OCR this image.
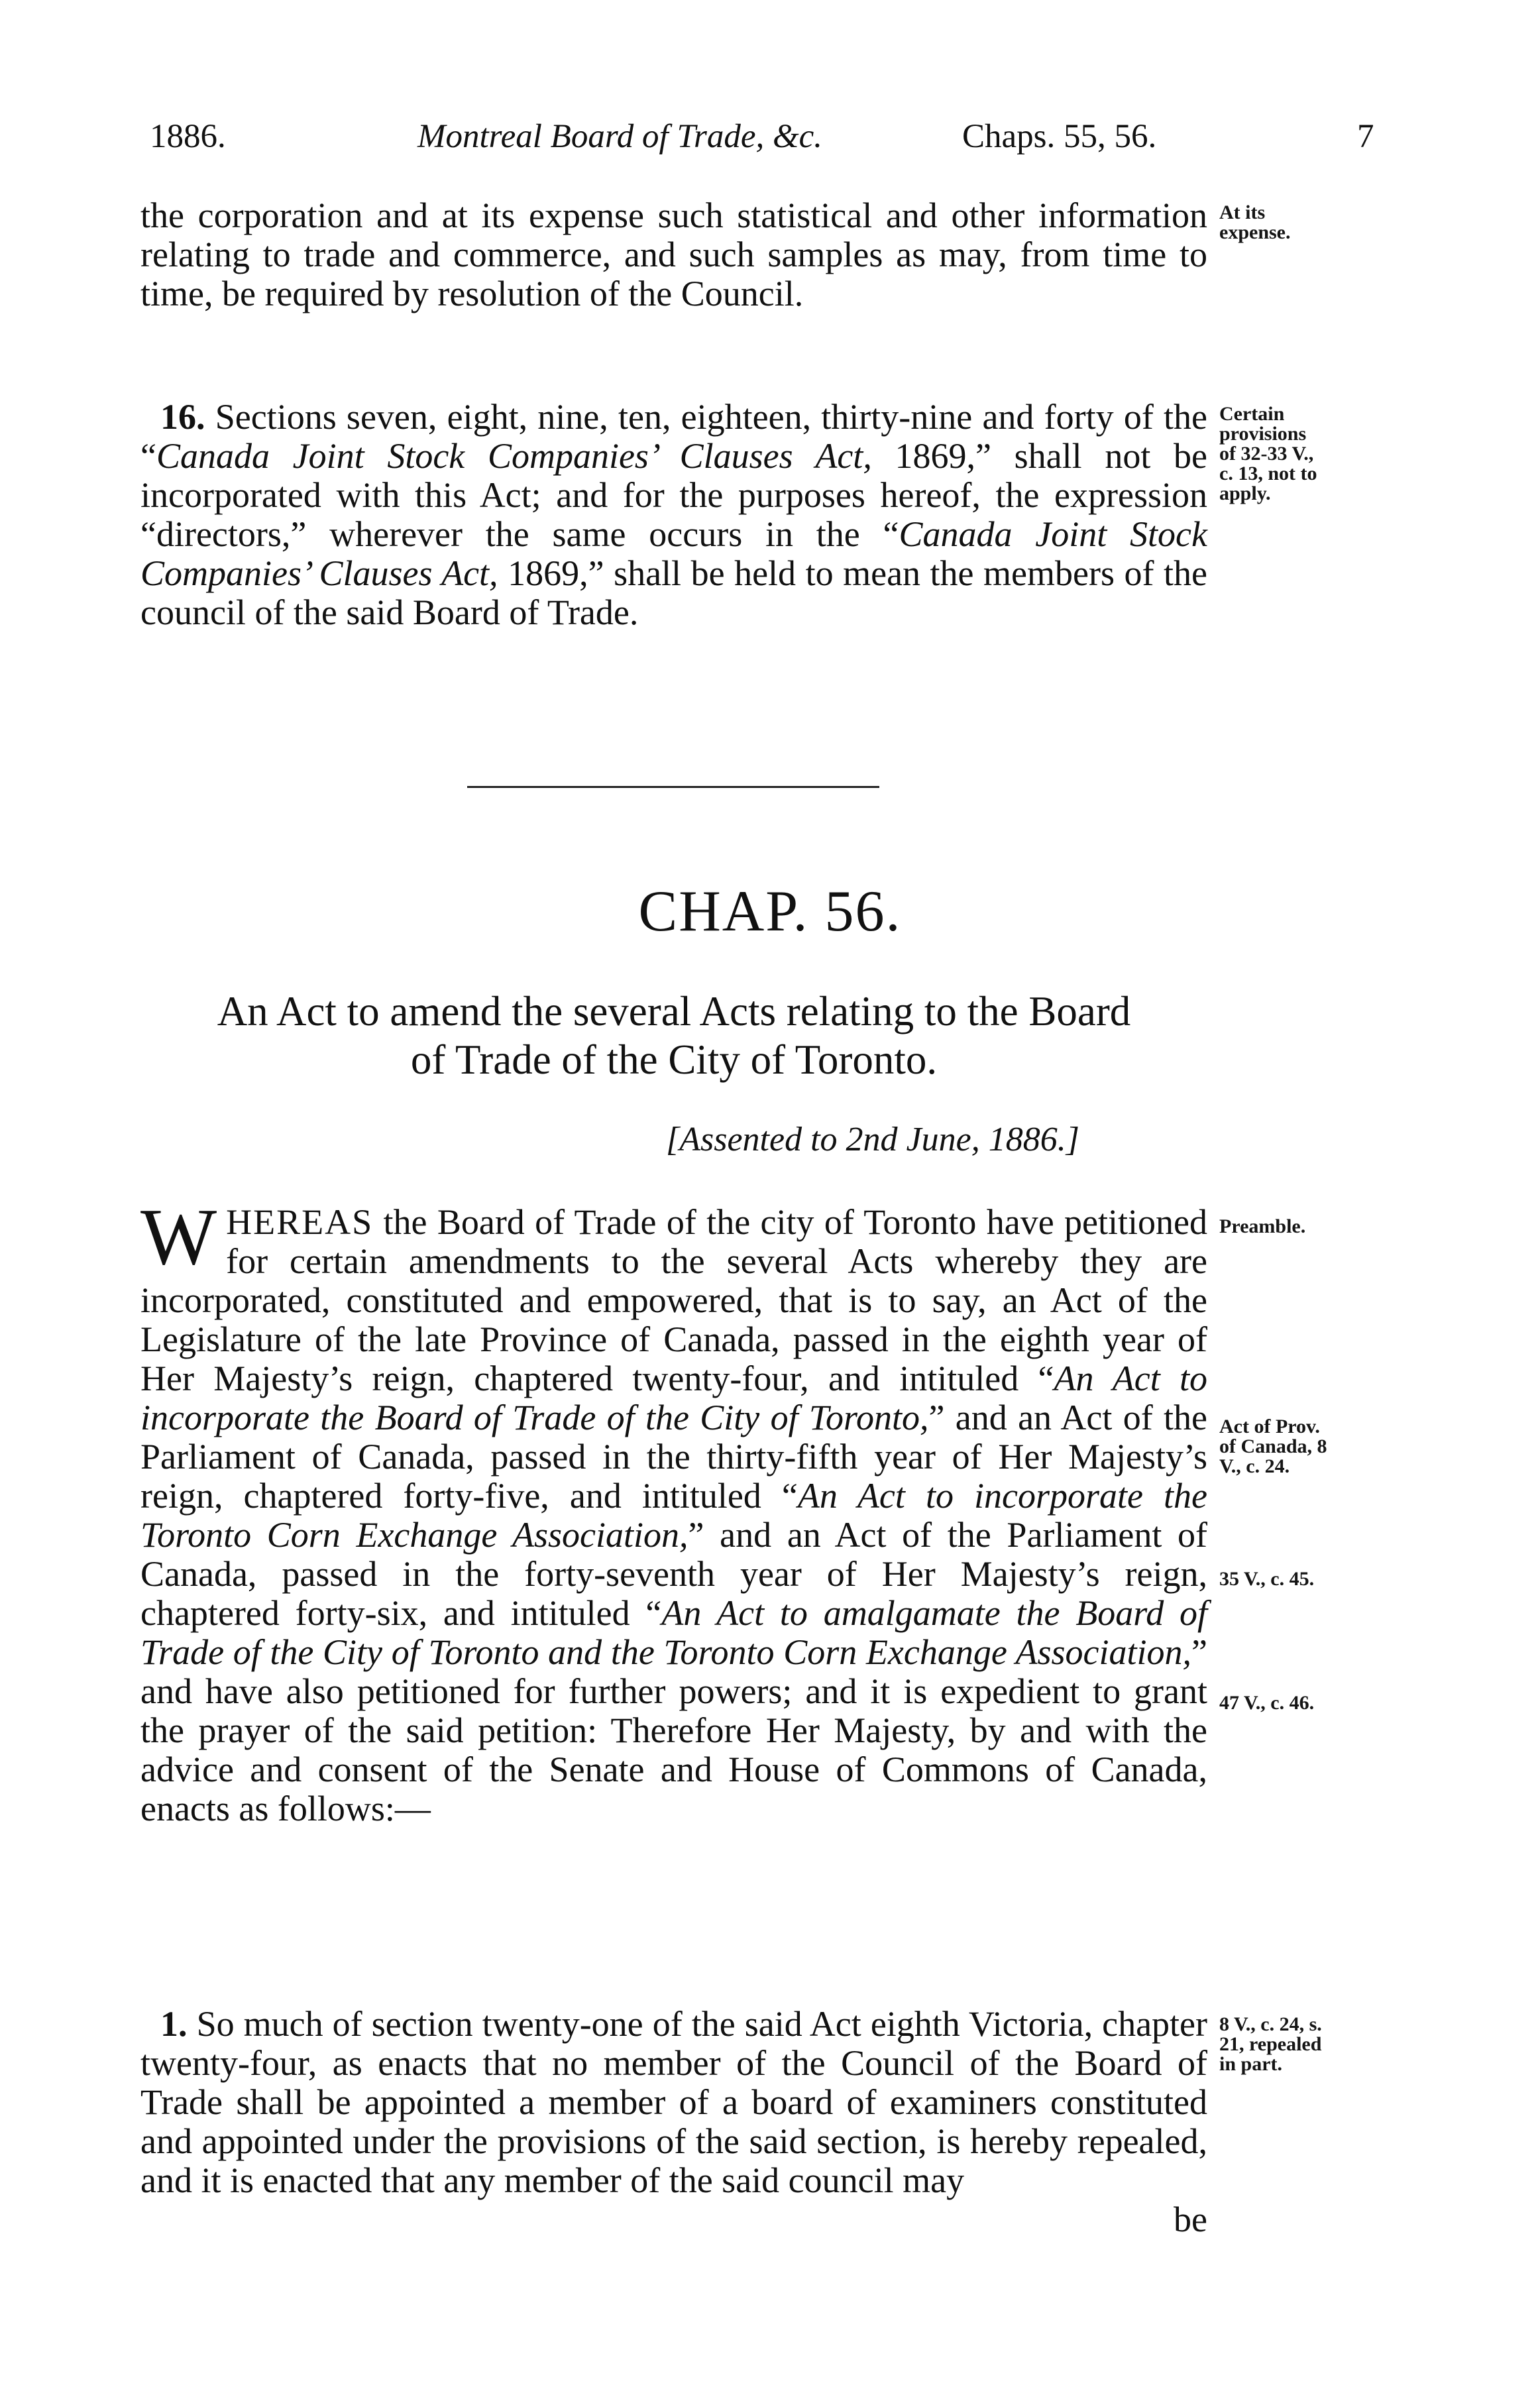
1886.	Montreal Board of Trade, &c.	Chaps. 55, 56.	7

the corporation and at its expense such statistical and other information relating to trade and commerce, and such samples as may, from time to time, be required by resolution of the Council.

At its expense.

16. Sections seven, eight, nine, ten, eighteen, thirty-nine and forty of the “Canada Joint Stock Companies’ Clauses Act, 1869,” shall not be incorporated with this Act; and for the purposes hereof, the expression “directors,” wherever the same occurs in the “Canada Joint Stock Companies’ Clauses Act, 1869,” shall be held to mean the members of the council of the said Board of Trade.

Certain provisions of 32-33 V., c. 13, not to apply.
CHAP. 56.
An Act to amend the several Acts relating to the Board
of Trade of the City of Toronto.
[Assented to 2nd June, 1886.]

WHEREAS the Board of Trade of the city of Toronto have petitioned for certain amendments to the several Acts whereby they are incorporated, constituted and empowered, that is to say, an Act of the Legislature of the late Province of Canada, passed in the eighth year of Her Majesty’s reign, chaptered twenty-four, and intituled “An Act to incorporate the Board of Trade of the City of Toronto,” and an Act of the Parliament of Canada, passed in the thirty-fifth year of Her Majesty’s reign, chaptered forty-five, and intituled “An Act to incorporate the Toronto Corn Exchange Association,” and an Act of the Parliament of Canada, passed in the forty-seventh year of Her Majesty’s reign, chaptered forty-six, and intituled “An Act to amalgamate the Board of Trade of the City of Toronto and the Toronto Corn Exchange Association,” and have also petitioned for further powers; and it is expedient to grant the prayer of the said petition: Therefore Her Majesty, by and with the advice and consent of the Senate and House of Commons of Canada, enacts as follows:—

Preamble.
Act of Prov. of Canada, 8 V., c. 24.
35 V., c. 45.
47 V., c. 46.

1. So much of section twenty-one of the said Act eighth Victoria, chapter twenty-four, as enacts that no member of the Council of the Board of Trade shall be appointed a member of a board of examiners constituted and appointed under the provisions of the said section, is hereby repealed, and it is enacted that any member of the said council may

be
8 V., c. 24, s. 21, repealed in part.
